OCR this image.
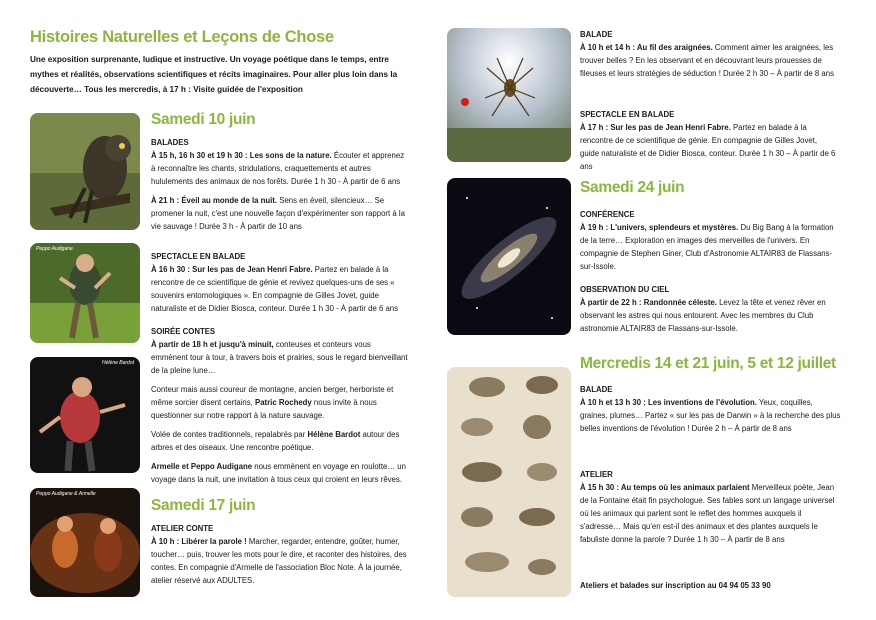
Histoires Naturelles et Leçons de Chose
Une exposition surprenante, ludique et instructive. Un voyage poétique dans le temps, entre mythes et réalités, observations scientifiques et récits imaginaires. Pour aller plus loin dans la découverte… Tous les mercredis, à 17 h : Visite guidée de l'exposition
Peppo Audigane
Hélène Bardot
Peppo Audigane & Armelle
Samedi 10 juin

BALADES

À 15 h, 16 h 30 et 19 h 30 : Les sons de la nature. Écouter et apprenez à reconnaître les chants, stridulations, craquettements et autres hululements des animaux de nos forêts. Durée 1 h 30 - À partir de 6 ans

À 21 h : Éveil au monde de la nuit. Sens en éveil, silencieux… Se promener la nuit, c'est une nouvelle façon d'expérimenter son rapport à la vie sauvage ! Durée 3 h - À partir de 10 ans

SPECTACLE EN BALADE

À 16 h 30 : Sur les pas de Jean Henri Fabre. Partez en balade à la rencontre de ce scientifique de génie et revivez quelques-uns de ses « souvenirs entomologiques ». En compagnie de Gilles Jovet, guide naturaliste et de Didier Biosca, conteur. Durée 1 h 30 - À partir de 6 ans

SOIRÉE CONTES

À partir de 18 h et jusqu'à minuit, conteuses et conteurs vous emmènent tour à tour, à travers bois et prairies, sous le regard bienveillant de la pleine lune…

Conteur mais aussi coureur de montagne, ancien berger, herboriste et même sorcier disent certains, Patric Rochedy nous invite à nous questionner sur notre rapport à la nature sauvage.

Volée de contes traditionnels, repalabrés par Hélène Bardot autour des arbres et des oiseaux. Une rencontre poétique.

Armelle et Peppo Audigane nous emmènent en voyage en roulotte… un voyage dans la nuit, une invitation à tous ceux qui croient en leurs rêves.

Samedi 17 juin

ATELIER CONTE

À 10 h : Libérer la parole ! Marcher, regarder, entendre, goûter, humer, toucher… puis, trouver les mots pour le dire, et raconter des histoires, des contes. En compagnie d'Armelle de l'association Bloc Note. À la journée, atelier réservé aux ADULTES.

BALADE

À 10 h et 14 h : Au fil des araignées. Comment aimer les araignées, les trouver belles ? En les observant et en découvrant leurs prouesses de fileuses et leurs stratégies de séduction ! Durée 2 h 30 – À partir de 8 ans

SPECTACLE EN BALADE

À 17 h : Sur les pas de Jean Henri Fabre. Partez en balade à la rencontre de ce scientifique de génie. En compagnie de Gilles Jovet, guide naturaliste et de Didier Biosca, conteur. Durée 1 h 30 – À partir de 6 ans

Samedi 24 juin

CONFÉRENCE

À 19 h : L'univers, splendeurs et mystères. Du Big Bang à la formation de la terre… Exploration en images des merveilles de l'univers. En compagnie de Stephen Giner, Club d'Astronomie ALTAIR83 de Flassans-sur-Issole.

OBSERVATION DU CIEL

À partir de 22 h : Randonnée céleste. Levez la tête et venez rêver en observant les astres qui nous entourent. Avec les membres du Club astronomie ALTAIR83 de Flassans-sur-Issole.

Mercredis 14 et 21 juin, 5 et 12 juillet

BALADE

À 10 h et 13 h 30 : Les inventions de l'évolution. Yeux, coquilles, graines, plumes… Partez « sur les pas de Darwin » à la recherche des plus belles inventions de l'évolution ! Durée 2 h – À partir de 8 ans

ATELIER

À 15 h 30 : Au temps où les animaux parlaient Merveilleux poète, Jean de la Fontaine était fin psychologue. Ses fables sont un langage universel où les animaux qui parlent sont le reflet des hommes auxquels il s'adresse… Mais qu'en est-il des animaux et des plantes auxquels le fabuliste donne la parole ? Durée 1 h 30 – À partir de 8 ans

Ateliers et balades sur inscription au 04 94 05 33 90
